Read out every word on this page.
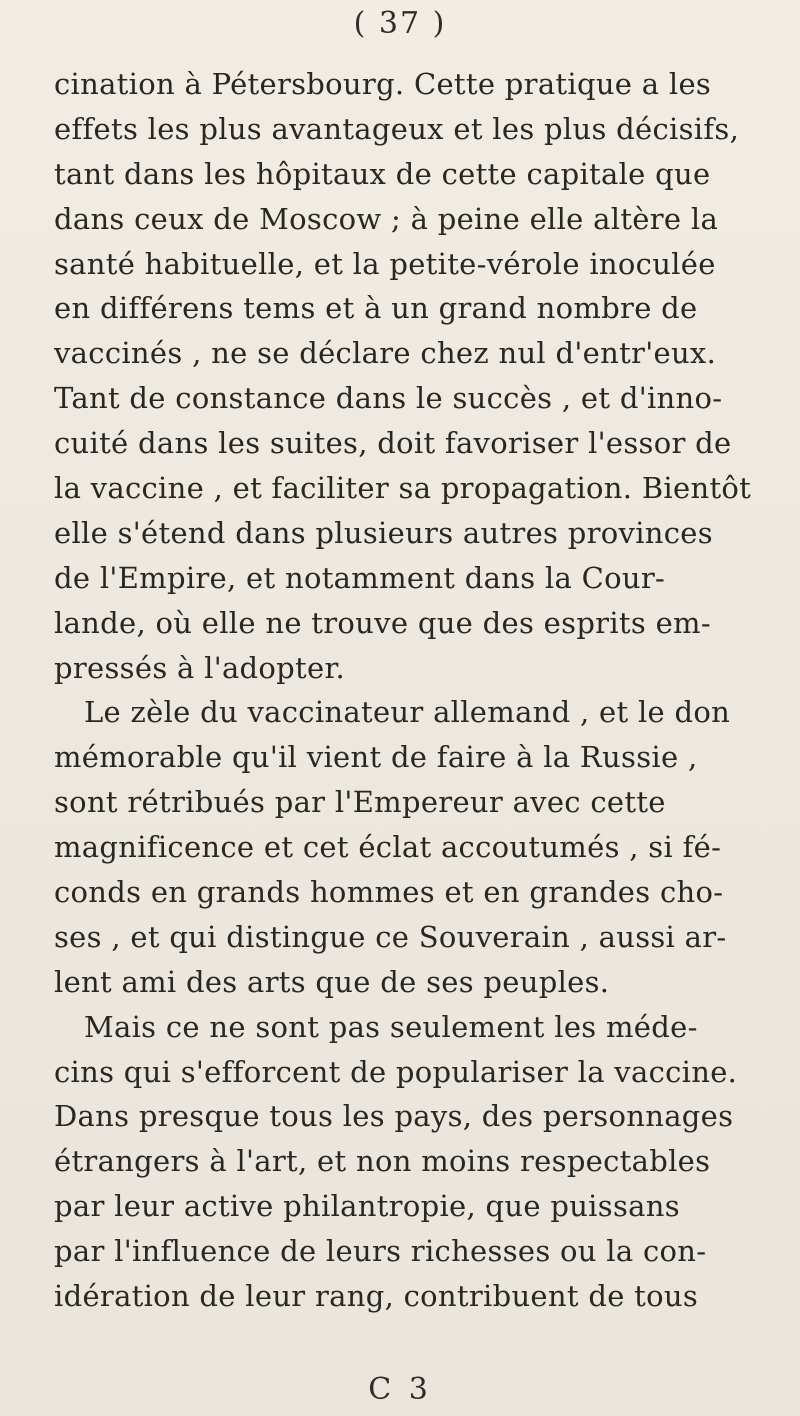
( 37 )
cination à Pétersbourg. Cette pratique a les
effets les plus avantageux et les plus décisifs,
tant dans les hôpitaux de cette capitale que
dans ceux de Moscow ; à peine elle altère la
santé habituelle, et la petite-vérole inoculée
en différens tems et à un grand nombre de
vaccinés , ne se déclare chez nul d'entr'eux.
Tant de constance dans le succès , et d'inno-
cuité dans les suites, doit favoriser l'essor de
la vaccine , et faciliter sa propagation. Bientôt
elle s'étend dans plusieurs autres provinces
de l'Empire, et notamment dans la Cour-
lande, où elle ne trouve que des esprits em-
pressés à l'adopter.
Le zèle du vaccinateur allemand , et le don
mémorable qu'il vient de faire à la Russie ,
sont rétribués par l'Empereur avec cette
magnificence et cet éclat accoutumés , si fé-
conds en grands hommes et en grandes cho-
ses , et qui distingue ce Souverain , aussi ar-
lent ami des arts que de ses peuples.
Mais ce ne sont pas seulement les méde-
cins qui s'efforcent de populariser la vaccine.
Dans presque tous les pays, des personnages
étrangers à l'art, et non moins respectables
par leur active philantropie, que puissans
par l'influence de leurs richesses ou la con-
idération de leur rang, contribuent de tous
C 3
